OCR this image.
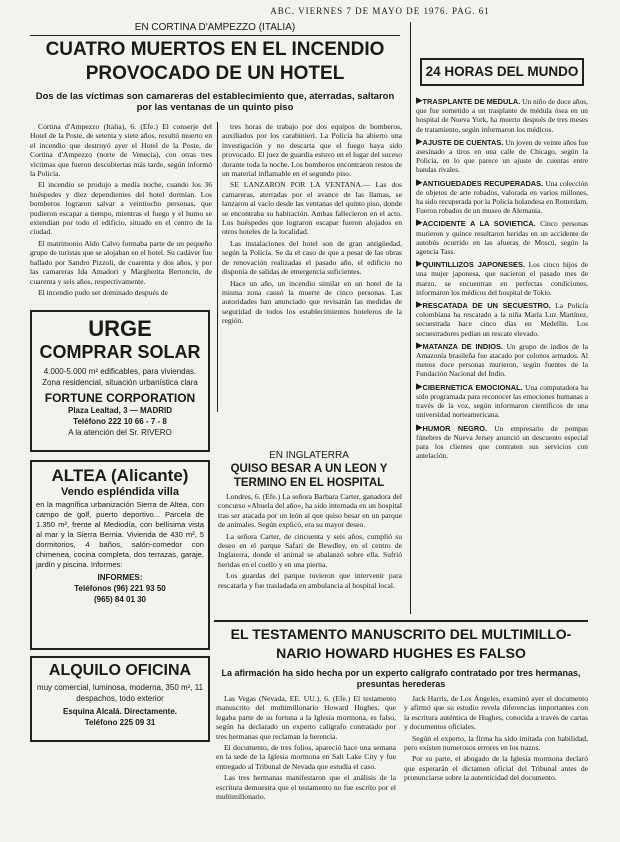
ABC. VIERNES 7 DE MAYO DE 1976. PAG. 61
EN CORTINA D'AMPEZZO (ITALIA)
CUATRO MUERTOS EN EL INCENDIO
PROVOCADO DE UN HOTEL
Dos de las víctimas son camareras del establecimiento que, aterradas, saltaron por las ventanas de un quinto piso

Cortina d'Ampezzo (Italia), 6. (Efe.) El conserje del Hotel de la Poste, de setenta y siete años, resultó muerto en el incendio que destruyó ayer el Hotel de la Poste, de Cortina d'Ampezzo (norte de Venecia), con otras tres víctimas que fueron descubiertas más tarde, según informó la Policía.

El incendio se produjo a media noche, cuando los 36 huéspedes y diez dependientes del hotel dormían. Los bomberos lograron salvar a veintiocho personas, que pudieron escapar a tiempo, mientras el fuego y el humo se extendían por todo el edificio, situado en el centro de la ciudad.

El matrimonio Aldo Calvo formaba parte de un pequeño grupo de turistas que se alojaban en el hotel. Su cadáver fue hallado por Sandro Pizzoli, de cuarenta y dos años, y por las camareras Ida Amadori y Margherita Bertoncin, de cuarenta y seis años, respectivamente.

El incendio pudo ser dominado después de

tres horas de trabajo por dos equipos de bomberos, auxiliados por los carabinieri. La Policía ha abierto una investigación y no descarta que el fuego haya sido provocado. El juez de guardia estuvo en el lugar del suceso durante toda la noche. Los bomberos encontraron restos de un material inflamable en el segundo piso.

SE LANZARON POR LA VENTANA.— Las dos camareras, aterradas por el avance de las llamas, se lanzaron al vacío desde las ventanas del quinto piso, donde se encontraba su habitación. Ambas fallecieron en el acto. Los huéspedes que lograron escapar fueron alojados en otros hoteles de la localidad.

Las instalaciones del hotel son de gran antigüedad, según la Policía. Se da el caso de que a pesar de las obras de renovación realizadas el pasado año, el edificio no disponía de salidas de emergencia suficientes.

Hace un año, un incendio similar en un hotel de la misma zona causó la muerte de cinco personas. Las autoridades han anunciado que revisarán las medidas de seguridad de todos los establecimientos hoteleros de la región.

URGE
COMPRAR SOLAR
4.000-5.000 m² edificables, para viviendas. Zona residencial, situación urbanística clara
FORTUNE CORPORATION
Plaza Lealtad, 3 — MADRID
Teléfono 222 10 66 - 7 - 8
A la atención del Sr. RIVERO
ALTEA (Alicante)
Vendo espléndida villa
en la magnífica urbanización Sierra de Altea, con campo de golf, puerto deportivo... Parcela de 1.350 m², frente al Mediodía, con bellísima vista al mar y la Sierra Bernia. Vivienda de 430 m², 5 dormitorios, 4 baños, salón-comedor con chimenea, cocina completa, dos terrazas, garaje, jardín y piscina. Informes:
INFORMES:
Teléfonos (96) 221 93 50
(965) 84 01 30
ALQUILO OFICINA
muy comercial, luminosa, moderna, 350 m², 11 despachos, todo exterior
Esquina Alcalá. Directamente.
Teléfono 225 09 31
EN INGLATERRA
QUISO BESAR A UN LEON Y TERMINO EN EL HOSPITAL

Londres, 6. (Efe.) La señora Barbara Carter, ganadora del concurso «Abuela del año», ha sido internada en un hospital tras ser atacada por un león al que quiso besar en un parque de animales. Según explicó, era su mayor deseo.

La señora Carter, de cincuenta y seis años, cumplió su deseo en el parque Safari de Bewdley, en el centro de Inglaterra, donde el animal se abalanzó sobre ella. Sufrió heridas en el cuello y en una pierna.

Los guardas del parque tuvieron que intervenir para rescatarla y fue trasladada en ambulancia al hospital local.

24 HORAS DEL MUNDO

▸TRASPLANTE DE MEDULA. Un niño de doce años, que fue sometido a un trasplante de médula ósea en un hospital de Nueva York, ha muerto después de tres meses de tratamiento, según informaron los médicos.

▸AJUSTE DE CUENTAS. Un joven de veinte años fue asesinado a tiros en una calle de Chicago, según la Policía, en lo que parece un ajuste de cuentas entre bandas rivales.

▸ANTIGUEDADES RECUPERADAS. Una colección de objetos de arte robados, valorada en varios millones, ha sido recuperada por la Policía holandesa en Rotterdam. Fueron robados de un museo de Alemania.

▸ACCIDENTE A LA SOVIETICA. Cinco personas murieron y quince resultaron heridas en un accidente de autobús ocurrido en las afueras de Moscú, según la agencia Tass.

▸QUINTILLIZOS JAPONESES. Los cinco hijos de una mujer japonesa, que nacieron el pasado mes de marzo, se encuentran en perfectas condiciones, informaron los médicos del hospital de Tokio.

▸RESCATADA DE UN SECUESTRO. La Policía colombiana ha rescatado a la niña María Luz Martínez, secuestrada hace cinco días en Medellín. Los secuestradores pedían un rescate elevado.

▸MATANZA DE INDIOS. Un grupo de indios de la Amazonía brasileña fue atacado por colonos armados. Al menos doce personas murieron, según fuentes de la Fundación Nacional del Indio.

▸CIBERNETICA EMOCIONAL. Una computadora ha sido programada para reconocer las emociones humanas a través de la voz, según informaron científicos de una universidad norteamericana.

▸HUMOR NEGRO. Un empresario de pompas fúnebres de Nueva Jersey anunció un descuento especial para los clientes que contraten sus servicios con antelación.

EL TESTAMENTO MANUSCRITO DEL MULTIMILLO-
NARIO HOWARD HUGHES ES FALSO
La afirmación ha sido hecha por un experto calígrafo contratado por tres hermanas, presuntas herederas

Las Vegas (Nevada, EE. UU.), 6. (Efe.) El testamento manuscrito del multimillonario Howard Hughes, que legaba parte de su fortuna a la Iglesia mormona, es falso, según ha declarado un experto calígrafo contratado por tres hermanas que reclaman la herencia.

El documento, de tres folios, apareció hace una semana en la sede de la Iglesia mormona en Salt Lake City y fue entregado al Tribunal de Nevada que estudia el caso.

Las tres hermanas manifestaron que el análisis de la escritura demuestra que el testamento no fue escrito por el multimillonario.

Jack Harris, de Los Ángeles, examinó ayer el documento y afirmó que su estudio revela diferencias importantes con la escritura auténtica de Hughes, conocida a través de cartas y documentos oficiales.

Según el experto, la firma ha sido imitada con habilidad, pero existen numerosos errores en los trazos.

Por su parte, el abogado de la Iglesia mormona declaró que esperarán el dictamen oficial del Tribunal antes de pronunciarse sobre la autenticidad del documento.
